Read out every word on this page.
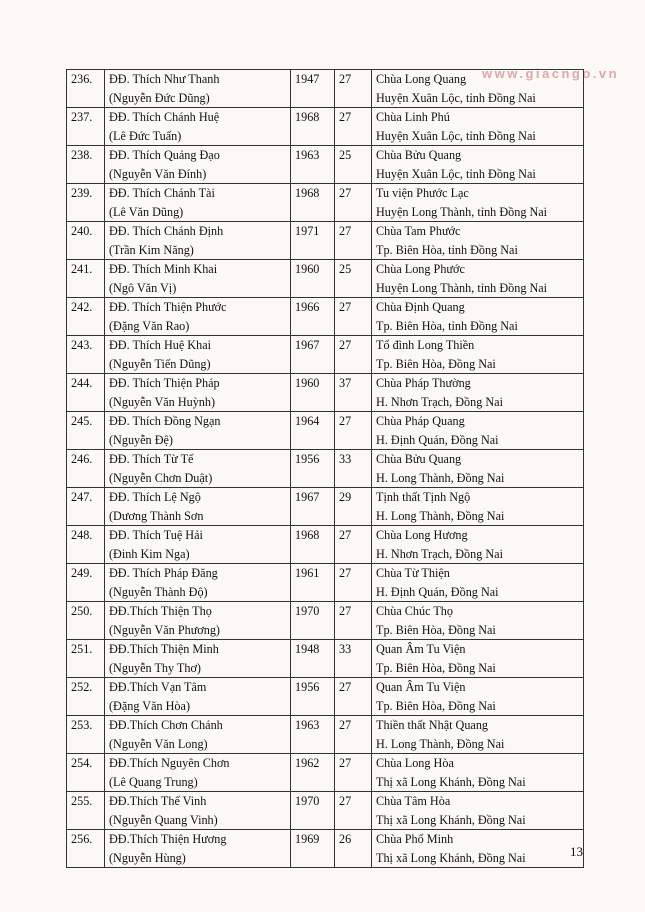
www.giacngo.vn
236.	ĐĐ. Thích Như Thanh
(Nguyễn Đức Dũng)	1947	27	Chùa Long Quang
Huyện Xuân Lộc, tỉnh Đồng Nai

237.	ĐĐ. Thích Chánh Huệ
(Lê Đức Tuấn)	1968	27	Chùa Linh Phú
Huyện Xuân Lộc, tỉnh Đồng Nai

238.	ĐĐ. Thích Quảng Đạo
(Nguyễn Văn Đính)	1963	25	Chùa Bửu Quang
Huyện Xuân Lộc, tỉnh Đồng Nai

239.	ĐĐ. Thích Chánh Tài
(Lê Văn Dũng)	1968	27	Tu viện Phước Lạc
Huyện Long Thành, tỉnh Đồng Nai

240.	ĐĐ. Thích Chánh Định
(Trần Kim Năng)	1971	27	Chùa Tam Phước
Tp. Biên Hòa, tỉnh Đồng Nai

241.	ĐĐ. Thích Minh Khai
(Ngô Văn Vị)	1960	25	Chùa Long Phước
Huyện Long Thành, tỉnh Đồng Nai

242.	ĐĐ. Thích Thiện Phước
(Đặng Văn Rao)	1966	27	Chùa Định Quang
Tp. Biên Hòa, tỉnh Đồng Nai

243.	ĐĐ. Thích Huệ Khai
(Nguyễn Tiến Dũng)	1967	27	Tổ đình Long Thiền
Tp. Biên Hòa, Đồng Nai

244.	ĐĐ. Thích Thiện Pháp
(Nguyễn Văn Huỳnh)	1960	37	Chùa Pháp Thường
H. Nhơn Trạch, Đồng Nai

245.	ĐĐ. Thích Đồng Ngạn
(Nguyễn Đệ)	1964	27	Chùa Pháp Quang
H. Định Quán, Đồng Nai

246.	ĐĐ. Thích Từ Tế
(Nguyễn Chơn Duật)	1956	33	Chùa Bửu Quang
H. Long Thành, Đồng Nai

247.	ĐĐ. Thích Lệ Ngộ
(Dương Thành Sơn	1967	29	Tịnh thất Tịnh Ngộ
H. Long Thành, Đồng Nai

248.	ĐĐ. Thích Tuệ Hải
(Đinh Kim Nga)	1968	27	Chùa Long Hương
H. Nhơn Trạch, Đồng Nai

249.	ĐĐ. Thích Pháp Đăng
(Nguyễn Thành Độ)	1961	27	Chùa Từ Thiện
H. Định Quán, Đồng Nai

250.	ĐĐ.Thích Thiện Thọ
(Nguyễn Văn Phương)	1970	27	Chùa Chúc Thọ
Tp. Biên Hòa, Đồng Nai

251.	ĐĐ.Thích Thiện Minh
(Nguyễn Thy Thơ)	1948	33	Quan Âm Tu Viện
Tp. Biên Hòa, Đồng Nai

252.	ĐĐ.Thích Vạn Tâm
(Đặng Văn Hòa)	1956	27	Quan Âm Tu Viện
Tp. Biên Hòa, Đồng Nai

253.	ĐĐ.Thích Chơn Chánh
(Nguyễn Văn Long)	1963	27	Thiền thất Nhật Quang
H. Long Thành, Đồng Nai

254.	ĐĐ.Thích Nguyên Chơn
(Lê Quang Trung)	1962	27	Chùa Long Hòa
Thị xã Long Khánh, Đồng Nai

255.	ĐĐ.Thích Thế Vinh
(Nguyễn Quang Vinh)	1970	27	Chùa Tâm Hòa
Thị xã Long Khánh, Đồng Nai

256.	ĐĐ.Thích Thiện Hương
(Nguyễn Hùng)	1969	26	Chùa Phổ Minh
Thị xã Long Khánh, Đồng Nai	13
